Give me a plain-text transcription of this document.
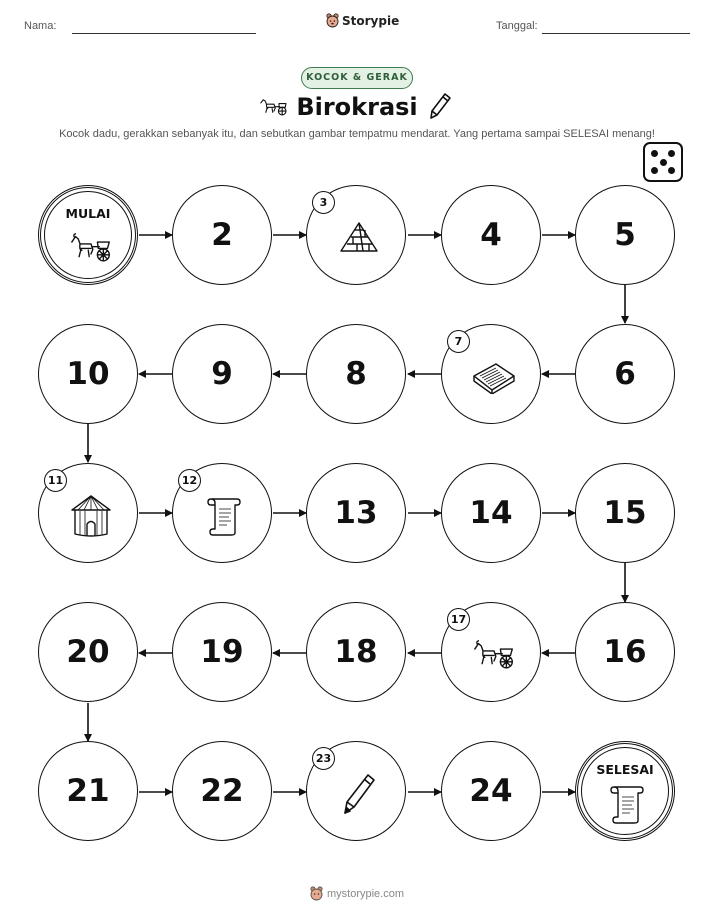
Nama:	Storypie	Tanggal:
KOCOK & GERAK
Birokrasi
Kocok dadu, gerakkan sebanyak itu, dan sebutkan gambar tempatmu mendarat. Yang pertama sampai SELESAI menang!
MULAI
2
3
4	5
6
7
8
9
10
11	12
13	14	15
16
17
18
19
20
21	22
23
24
SELESAI
mystorypie.com
